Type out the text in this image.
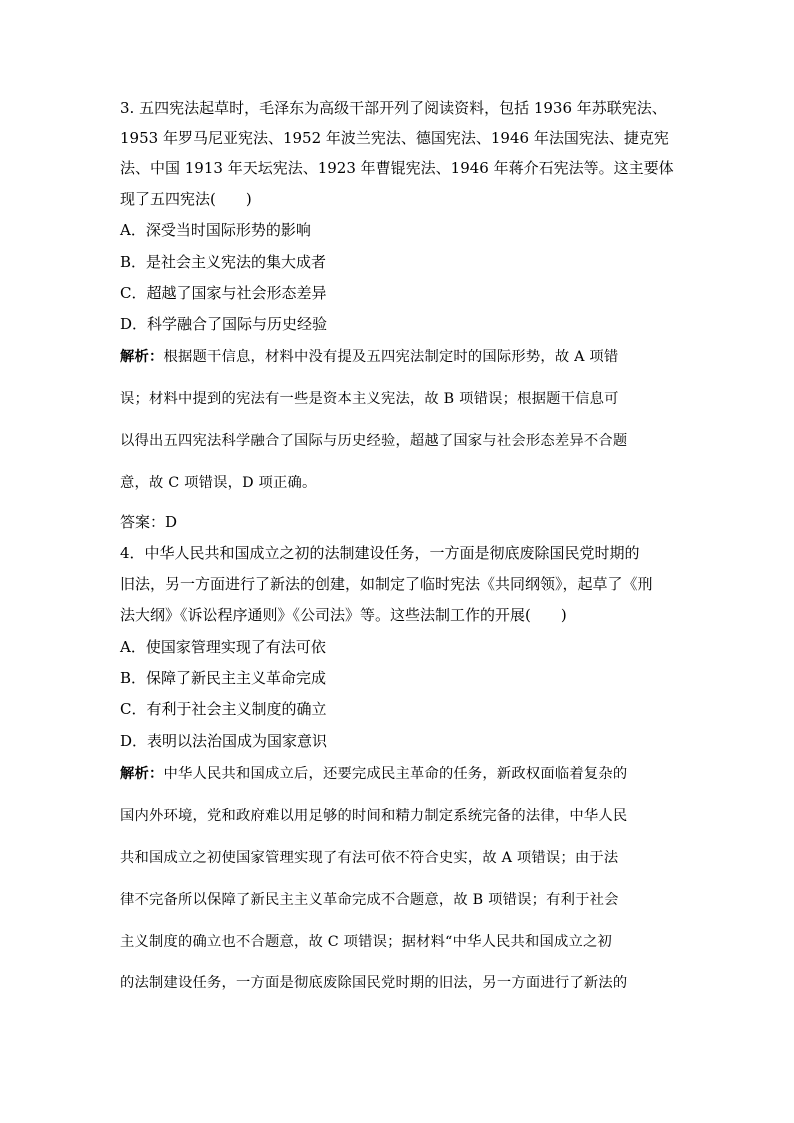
3. 五四宪法起草时，毛泽东为高级干部开列了阅读资料，包括 1936 年苏联宪法、
1953 年罗马尼亚宪法、1952 年波兰宪法、德国宪法、1946 年法国宪法、捷克宪
法、中国 1913 年天坛宪法、1923 年曹锟宪法、1946 年蒋介石宪法等。这主要体
现了五四宪法(　　)
A．深受当时国际形势的影响
B．是社会主义宪法的集大成者
C．超越了国家与社会形态差异
D．科学融合了国际与历史经验
解析：根据题干信息，材料中没有提及五四宪法制定时的国际形势，故 A 项错
误；材料中提到的宪法有一些是资本主义宪法，故 B 项错误；根据题干信息可
以得出五四宪法科学融合了国际与历史经验，超越了国家与社会形态差异不合题
意，故 C 项错误，D 项正确。
答案：D
4．中华人民共和国成立之初的法制建设任务，一方面是彻底废除国民党时期的
旧法，另一方面进行了新法的创建，如制定了临时宪法《共同纲领》，起草了《刑
法大纲》《诉讼程序通则》《公司法》等。这些法制工作的开展(　　)
A．使国家管理实现了有法可依
B．保障了新民主主义革命完成
C．有利于社会主义制度的确立
D．表明以法治国成为国家意识
解析：中华人民共和国成立后，还要完成民主革命的任务，新政权面临着复杂的
国内外环境，党和政府难以用足够的时间和精力制定系统完备的法律，中华人民
共和国成立之初使国家管理实现了有法可依不符合史实，故 A 项错误；由于法
律不完备所以保障了新民主主义革命完成不合题意，故 B 项错误；有利于社会
主义制度的确立也不合题意，故 C 项错误；据材料“中华人民共和国成立之初
的法制建设任务，一方面是彻底废除国民党时期的旧法，另一方面进行了新法的
